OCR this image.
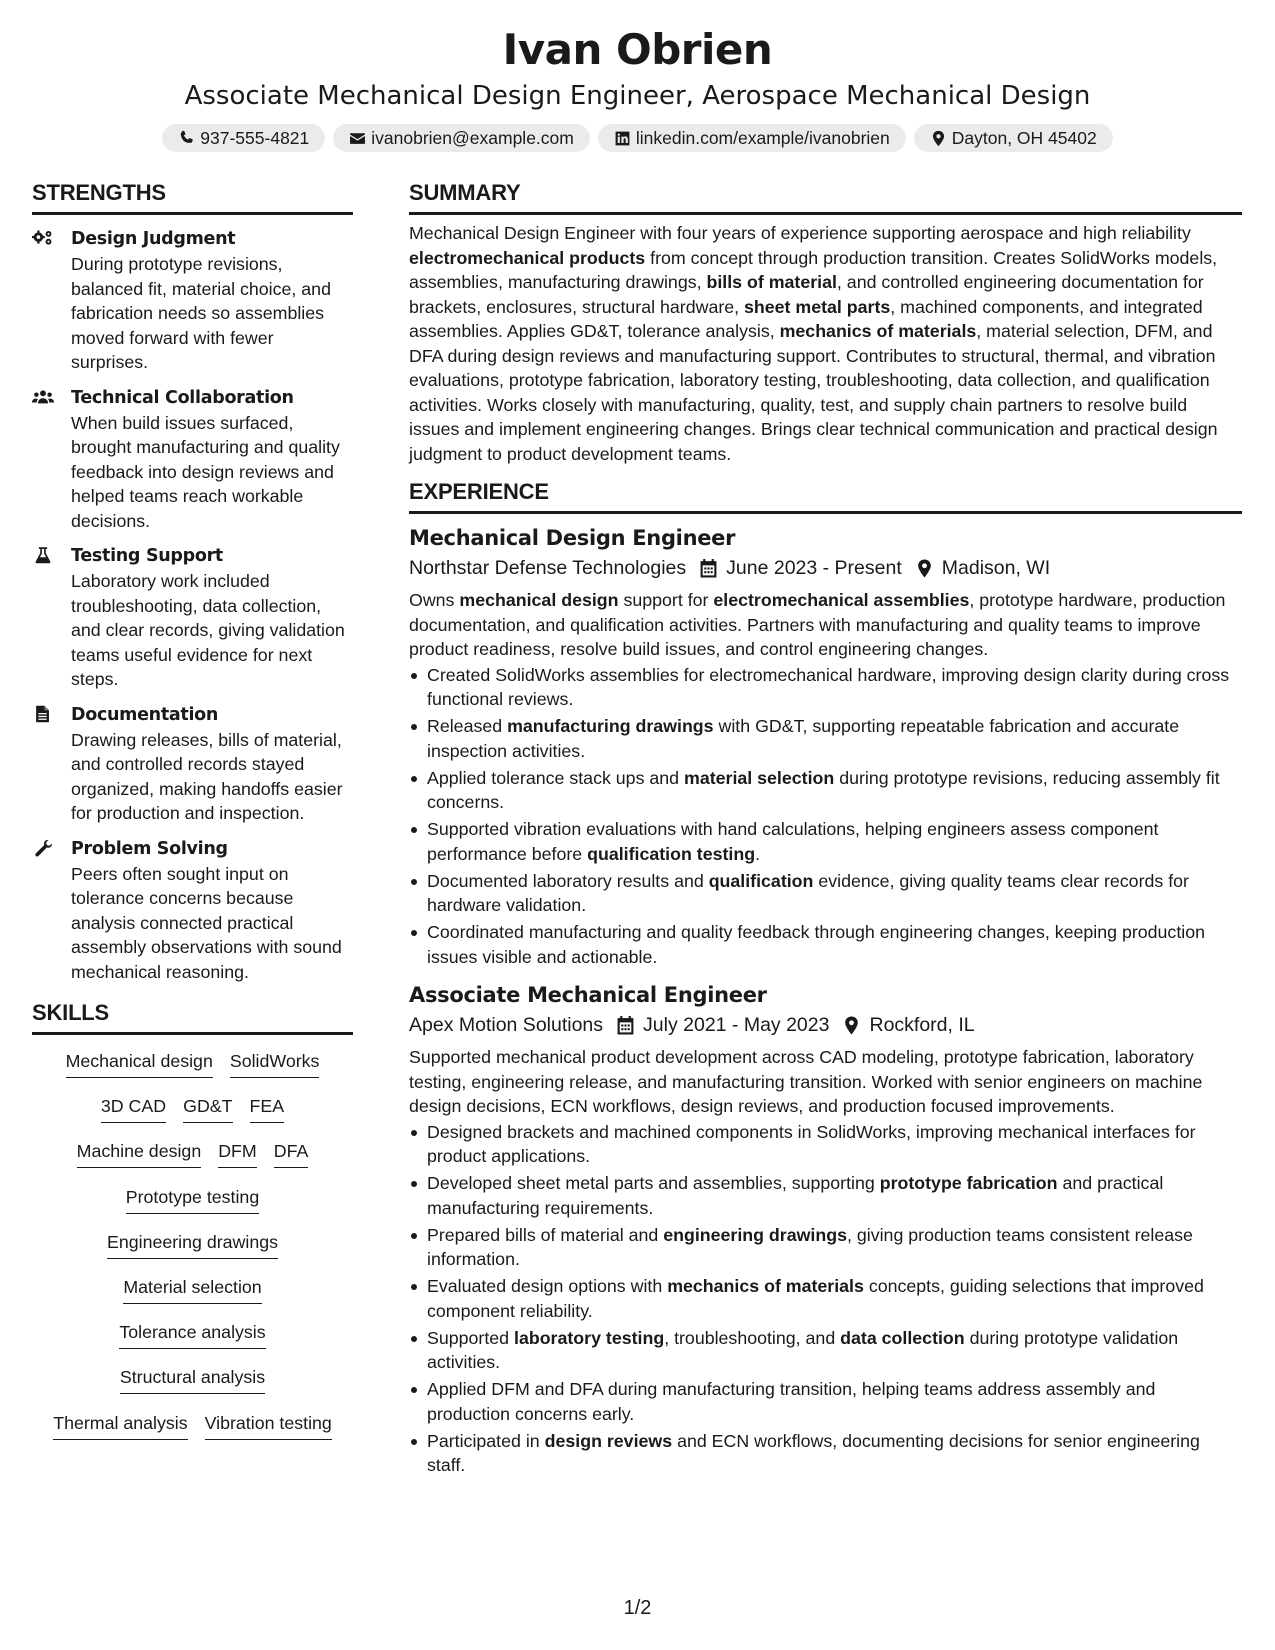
Ivan Obrien
Associate Mechanical Design Engineer, Aerospace Mechanical Design
937-555-4821	ivanobrien@example.com	linkedin.com/example/ivanobrien	Dayton, OH 45402
STRENGTHS
Design Judgment
During prototype revisions, balanced fit, material choice, and fabrication needs so assemblies moved forward with fewer surprises.
Technical Collaboration
When build issues surfaced, brought manufacturing and quality feedback into design reviews and helped teams reach workable decisions.
Testing Support
Laboratory work included troubleshooting, data collection, and clear records, giving validation teams useful evidence for next steps.
Documentation
Drawing releases, bills of material, and controlled records stayed organized, making handoffs easier for production and inspection.
Problem Solving
Peers often sought input on tolerance concerns because analysis connected practical assembly observations with sound mechanical reasoning.
SKILLS
Mechanical design SolidWorks
3D CAD GD&T FEA
Machine design DFM DFA
Prototype testing
Engineering drawings
Material selection
Tolerance analysis
Structural analysis
Thermal analysis Vibration testing
SUMMARY
Mechanical Design Engineer with four years of experience supporting aerospace and high reliability electromechanical products from concept through production transition. Creates SolidWorks models, assemblies, manufacturing drawings, bills of material, and controlled engineering documentation for brackets, enclosures, structural hardware, sheet metal parts, machined components, and integrated assemblies. Applies GD&T, tolerance analysis, mechanics of materials, material selection, DFM, and DFA during design reviews and manufacturing support. Contributes to structural, thermal, and vibration evaluations, prototype fabrication, laboratory testing, troubleshooting, data collection, and qualification activities. Works closely with manufacturing, quality, test, and supply chain partners to resolve build issues and implement engineering changes. Brings clear technical communication and practical design judgment to product development teams.
EXPERIENCE
Mechanical Design Engineer
Northstar Defense Technologies June 2023 - Present Madison, WI
Owns mechanical design support for electromechanical assemblies, prototype hardware, production documentation, and qualification activities. Partners with manufacturing and quality teams to improve product readiness, resolve build issues, and control engineering changes.
Created SolidWorks assemblies for electromechanical hardware, improving design clarity during cross functional reviews.
Released manufacturing drawings with GD&T, supporting repeatable fabrication and accurate inspection activities.
Applied tolerance stack ups and material selection during prototype revisions, reducing assembly fit concerns.
Supported vibration evaluations with hand calculations, helping engineers assess component performance before qualification testing.
Documented laboratory results and qualification evidence, giving quality teams clear records for hardware validation.
Coordinated manufacturing and quality feedback through engineering changes, keeping production issues visible and actionable.
Associate Mechanical Engineer
Apex Motion Solutions July 2021 - May 2023 Rockford, IL
Supported mechanical product development across CAD modeling, prototype fabrication, laboratory testing, engineering release, and manufacturing transition. Worked with senior engineers on machine design decisions, ECN workflows, design reviews, and production focused improvements.
Designed brackets and machined components in SolidWorks, improving mechanical interfaces for product applications.
Developed sheet metal parts and assemblies, supporting prototype fabrication and practical manufacturing requirements.
Prepared bills of material and engineering drawings, giving production teams consistent release information.
Evaluated design options with mechanics of materials concepts, guiding selections that improved component reliability.
Supported laboratory testing, troubleshooting, and data collection during prototype validation activities.
Applied DFM and DFA during manufacturing transition, helping teams address assembly and production concerns early.
Participated in design reviews and ECN workflows, documenting decisions for senior engineering staff.
1/2
